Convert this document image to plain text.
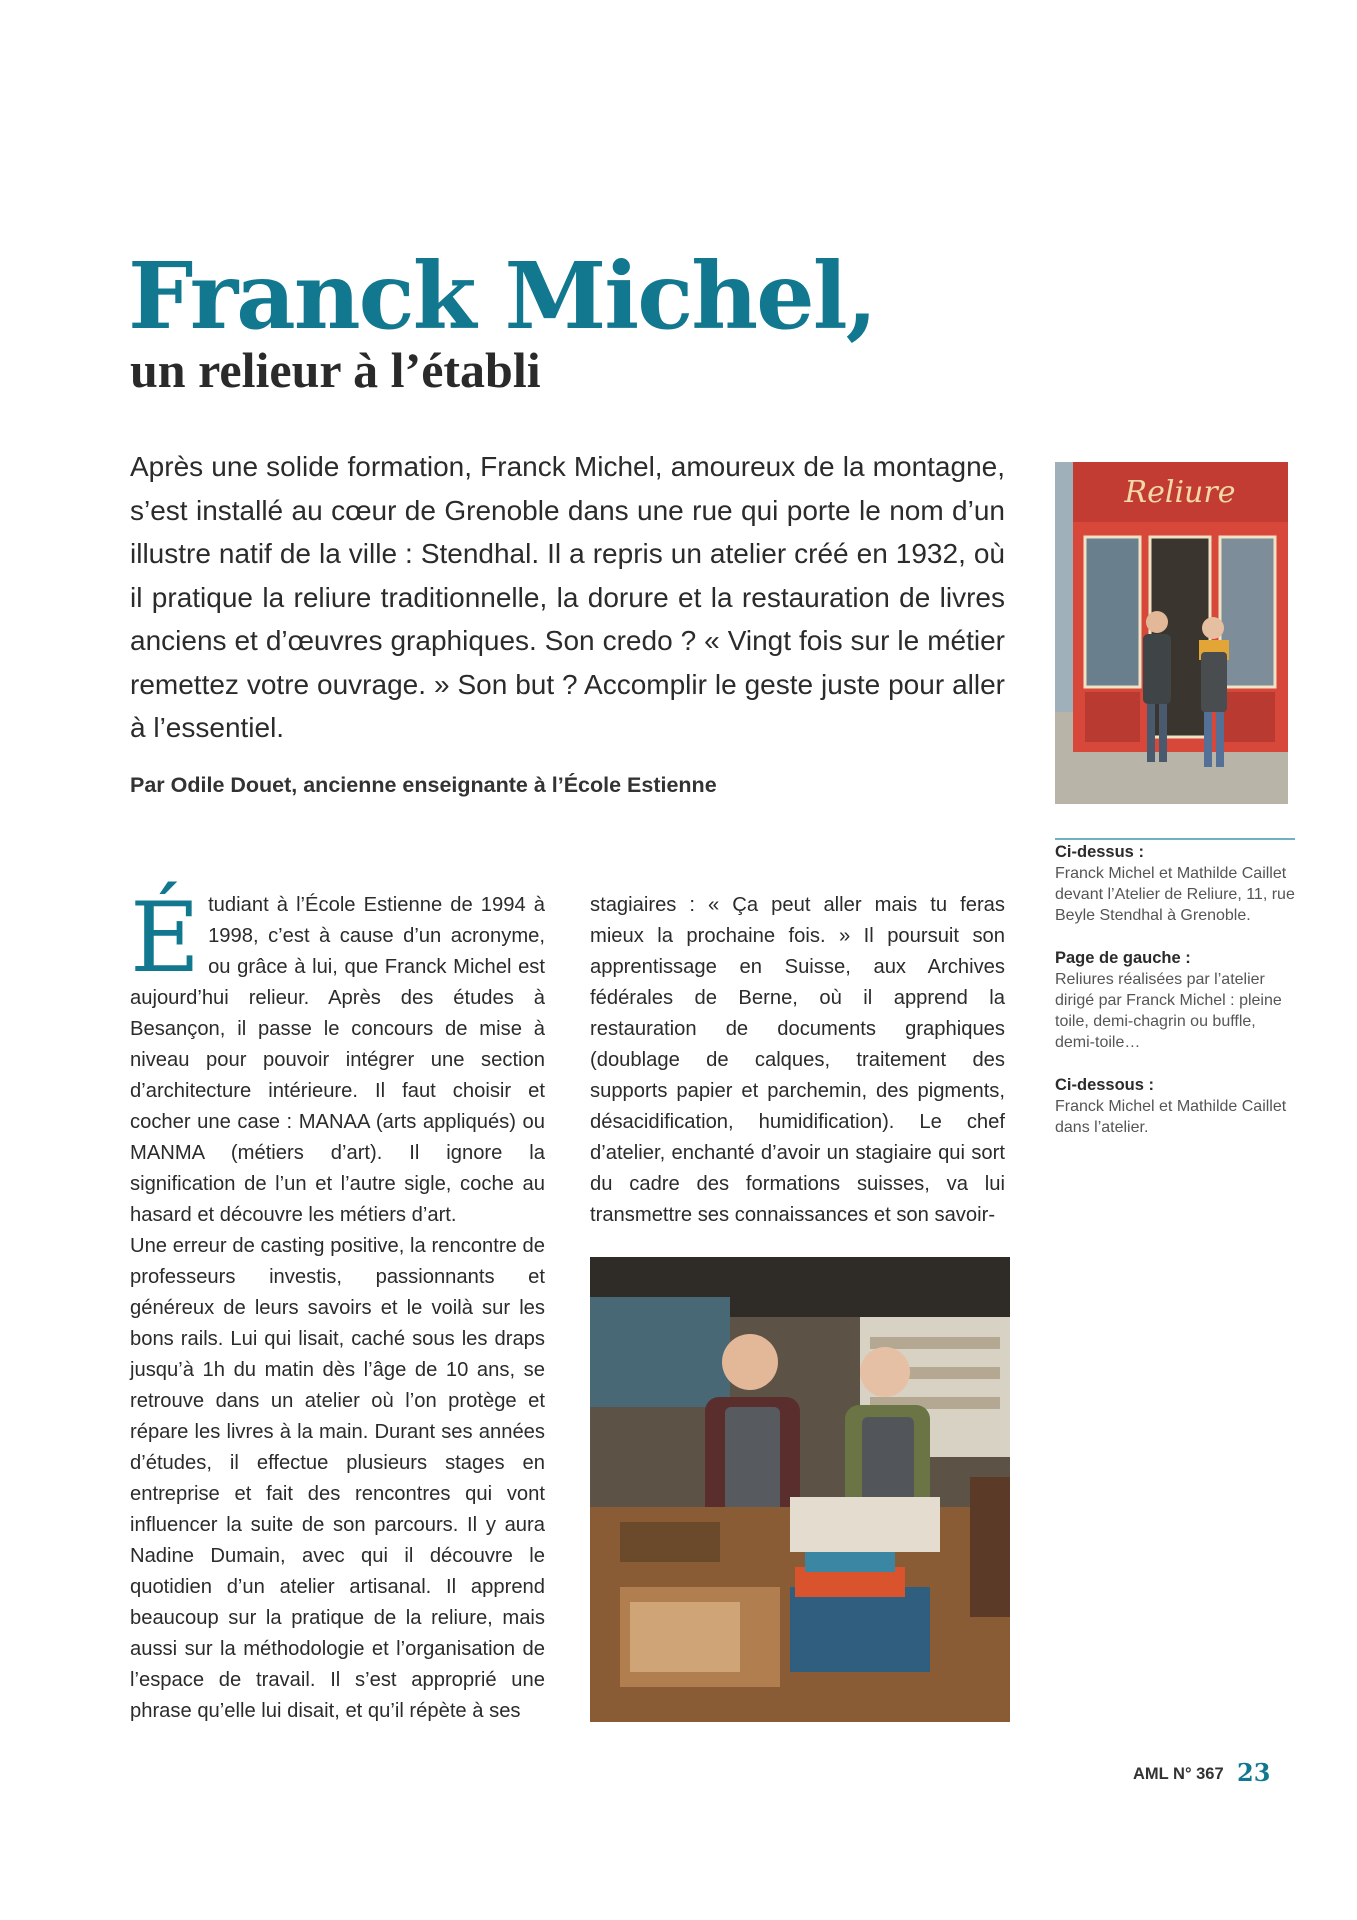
Franck Michel,
un relieur à l’établi

Après une solide formation, Franck Michel, amoureux de la montagne, s’est installé au cœur de Grenoble dans une rue qui porte le nom d’un illustre natif de la ville : Stendhal. Il a repris un atelier créé en 1932, où il pratique la reliure traditionnelle, la dorure et la restauration de livres anciens et d’œuvres graphiques. Son credo ? « Vingt fois sur le métier remettez votre ouvrage. » Son but ? Accomplir le geste juste pour aller à l’essentiel.

Par Odile Douet, ancienne enseignante à l’École Estienne

Reliure
Ci-dessus :
Franck Michel et Mathilde Caillet devant l’Atelier de Reliure, 11, rue Beyle Stendhal à Grenoble.
Page de gauche :
Reliures réalisées par l’atelier dirigé par Franck Michel : pleine toile, demi-chagrin ou buffle, demi-toile…
Ci-dessous :
Franck Michel et Mathilde Caillet dans l’atelier.

Étudiant à l’École Estienne de 1994 à 1998, c’est à cause d’un acronyme, ou grâce à lui, que Franck Michel est aujourd’hui relieur. Après des études à Besançon, il passe le concours de mise à niveau pour pouvoir intégrer une section d’architecture intérieure. Il faut choisir et cocher une case : MANAA (arts appliqués) ou MANMA (métiers d’art). Il ignore la signification de l’un et l’autre sigle, coche au hasard et découvre les métiers d’art.

Une erreur de casting positive, la rencontre de professeurs investis, passionnants et généreux de leurs savoirs et le voilà sur les bons rails. Lui qui lisait, caché sous les draps jusqu’à 1h du matin dès l’âge de 10 ans, se retrouve dans un atelier où l’on protège et répare les livres à la main. Durant ses années d’études, il effectue plusieurs stages en entreprise et fait des rencontres qui vont influencer la suite de son parcours. Il y aura Nadine Dumain, avec qui il découvre le quotidien d’un atelier artisanal. Il apprend beaucoup sur la pratique de la reliure, mais aussi sur la méthodologie et l’organisation de l’espace de travail. Il s’est approprié une phrase qu’elle lui disait, et qu’il répète à ses

stagiaires : « Ça peut aller mais tu feras mieux la prochaine fois. » Il poursuit son apprentissage en Suisse, aux Archives fédérales de Berne, où il apprend la restauration de documents graphiques (doublage de calques, traitement des supports papier et parchemin, des pigments, désacidification, humidification). Le chef d’atelier, enchanté d’avoir un stagiaire qui sort du cadre des formations suisses, va lui transmettre ses connaissances et son savoir-

AML N° 367 23
